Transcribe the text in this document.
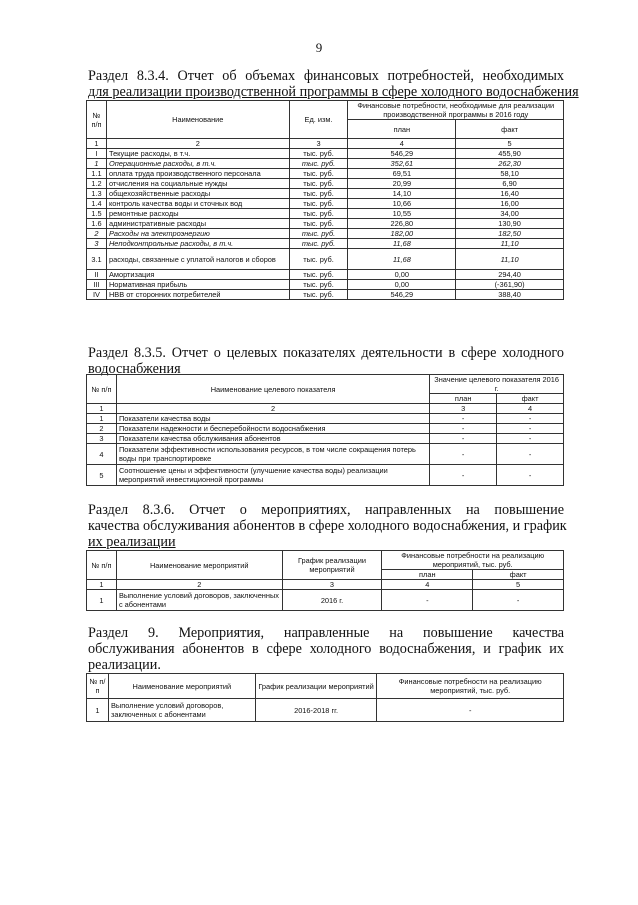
9
Раздел 8.3.4. Отчет об объемах финансовых потребностей, необходимых
для реализации производственной программы в сфере холодного водоснабжения
№ п/п	Наименование	Ед. изм.	Финансовые потребности, необходимые для реализации производственной программы в 2016 году	
			план	факт
1	2	3	4	5
I	Текущие расходы, в т.ч.	тыс. руб.	546,29	455,90
1	Операционные расходы, в т.ч.	тыс. руб.	352,61	262,30
1.1	оплата труда производственного персонала	тыс. руб.	69,51	58,10
1.2	отчисления на социальные нужды	тыс. руб.	20,99	6,90
1.3	общехозяйственные расходы	тыс. руб.	14,10	16,40
1.4	контроль качества воды и сточных вод	тыс. руб.	10,66	16,00
1.5	ремонтные расходы	тыс. руб.	10,55	34,00
1.6	административные расходы	тыс. руб.	226,80	130,90
2	Расходы на электроэнергию	тыс. руб.	182,00	182,50
3	Неподконтрольные расходы, в т.ч.	тыс. руб.	11,68	11,10
3.1	расходы, связанные с уплатой налогов и сборов	тыс. руб.	11,68	11,10
II	Амортизация	тыс. руб.	0,00	294,40
III	Нормативная прибыль	тыс. руб.	0,00	(-361,90)
IV	НВВ от сторонних потребителей	тыс. руб.	546,29	388,40
Раздел 8.3.5. Отчет о целевых показателях деятельности в сфере холодного
водоснабжения
№ п/п	Наименование целевого показателя	Значение целевого показателя 2016 г.	
		план	факт
1	2	3	4
1	Показатели качества воды	-	-
2	Показатели надежности и бесперебойности водоснабжения	-	-
3	Показатели качества обслуживания абонентов	-	-
4	Показатели эффективности использования ресурсов, в том числе сокращения потерь воды при транспортировке	-	-
5	Соотношение цены и эффективности (улучшение качества воды) реализации мероприятий инвестиционной программы	-	-
Раздел 8.3.6. Отчет о мероприятиях, направленных на повышение
качества обслуживания абонентов в сфере холодного водоснабжения, и график
их реализации
№ п/п	Наименование мероприятий	График реализации мероприятий	Финансовые потребности на реализацию мероприятий, тыс. руб.	
			план	факт
1	2	3	4	5
1	Выполнение условий договоров, заключенных с абонентами	2016 г.	-	-
Раздел 9. Мероприятия, направленные на повышение качества
обслуживания абонентов в сфере холодного водоснабжения, и график их
реализации.
№ п/п	Наименование мероприятий	График реализации мероприятий	Финансовые потребности на реализацию мероприятий, тыс. руб.
1	Выполнение условий договоров, заключенных с абонентами	2016-2018 гг.	-
